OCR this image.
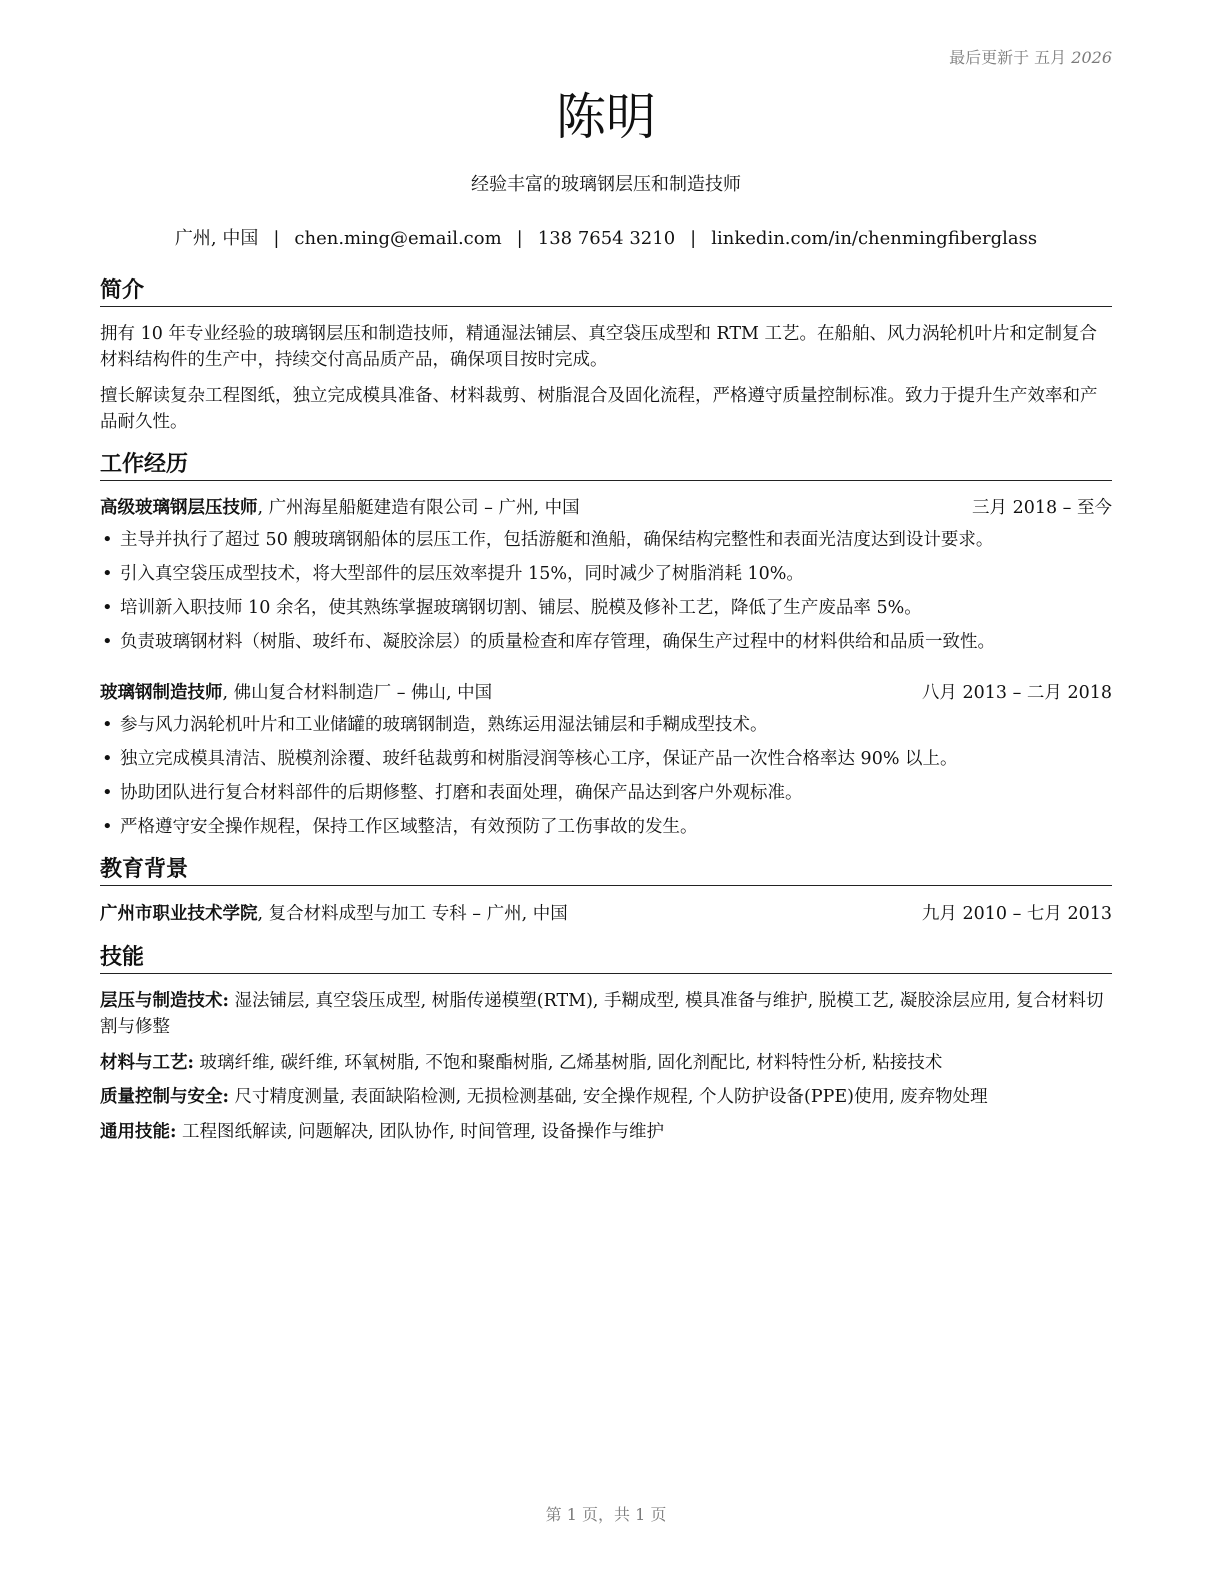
最后更新于 五月 2026
陈明
经验丰富的玻璃钢层压和制造技师
广州, 中国 | chen.ming@email.com | 138 7654 3210 | linkedin.com/in/chenmingfiberglass
简介
拥有 10 年专业经验的玻璃钢层压和制造技师，精通湿法铺层、真空袋压成型和 RTM 工艺。在船舶、风力涡轮机叶片和定制复合材料结构件的生产中，持续交付高品质产品，确保项目按时完成。
擅长解读复杂工程图纸，独立完成模具准备、材料裁剪、树脂混合及固化流程，严格遵守质量控制标准。致力于提升生产效率和产品耐久性。
工作经历
高级玻璃钢层压技师, 广州海星船艇建造有限公司 – 广州, 中国	三月 2018 – 至今
• 主导并执行了超过 50 艘玻璃钢船体的层压工作，包括游艇和渔船，确保结构完整性和表面光洁度达到设计要求。
• 引入真空袋压成型技术，将大型部件的层压效率提升 15%，同时减少了树脂消耗 10%。
• 培训新入职技师 10 余名，使其熟练掌握玻璃钢切割、铺层、脱模及修补工艺，降低了生产废品率 5%。
• 负责玻璃钢材料（树脂、玻纤布、凝胶涂层）的质量检查和库存管理，确保生产过程中的材料供给和品质一致性。
玻璃钢制造技师, 佛山复合材料制造厂 – 佛山, 中国	八月 2013 – 二月 2018
• 参与风力涡轮机叶片和工业储罐的玻璃钢制造，熟练运用湿法铺层和手糊成型技术。
• 独立完成模具清洁、脱模剂涂覆、玻纤毡裁剪和树脂浸润等核心工序，保证产品一次性合格率达 90% 以上。
• 协助团队进行复合材料部件的后期修整、打磨和表面处理，确保产品达到客户外观标准。
• 严格遵守安全操作规程，保持工作区域整洁，有效预防了工伤事故的发生。
教育背景
广州市职业技术学院, 复合材料成型与加工 专科 – 广州, 中国	九月 2010 – 七月 2013
技能
层压与制造技术: 湿法铺层, 真空袋压成型, 树脂传递模塑(RTM), 手糊成型, 模具准备与维护, 脱模工艺, 凝胶涂层应用, 复合材料切割与修整
材料与工艺: 玻璃纤维, 碳纤维, 环氧树脂, 不饱和聚酯树脂, 乙烯基树脂, 固化剂配比, 材料特性分析, 粘接技术
质量控制与安全: 尺寸精度测量, 表面缺陷检测, 无损检测基础, 安全操作规程, 个人防护设备(PPE)使用, 废弃物处理
通用技能: 工程图纸解读, 问题解决, 团队协作, 时间管理, 设备操作与维护
第 1 页，共 1 页
